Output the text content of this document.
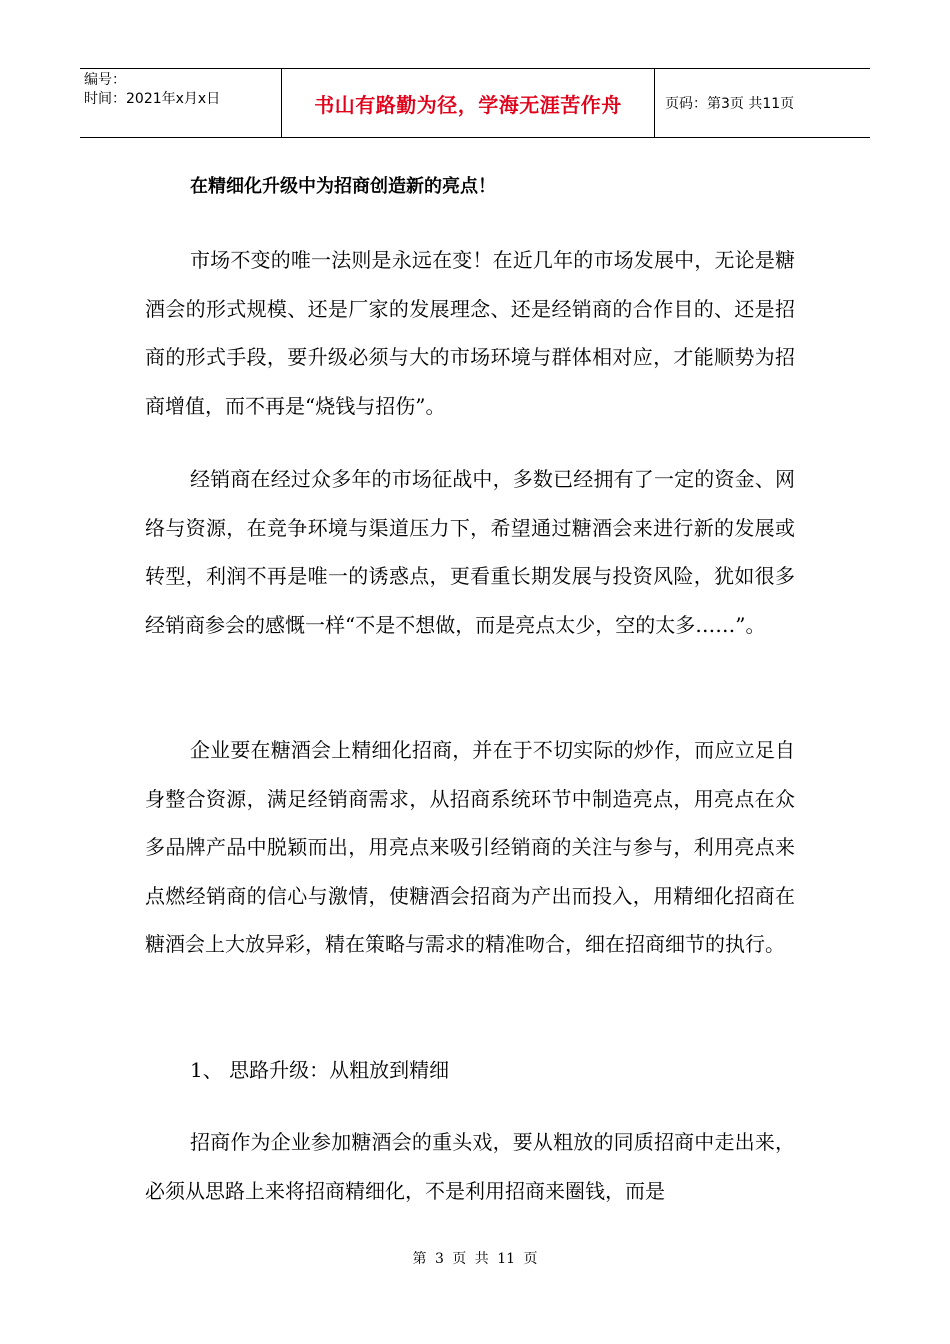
编号：
时间：2021年x月x日	书山有路勤为径，学海无涯苦作舟	页码：第3页 共11页
在精细化升级中为招商创造新的亮点！

市场不变的唯一法则是永远在变！在近几年的市场发展中，无论是糖酒会的形式规模、还是厂家的发展理念、还是经销商的合作目的、还是招商的形式手段，要升级必须与大的市场环境与群体相对应，才能顺势为招商增值，而不再是“烧钱与招伤”。

经销商在经过众多年的市场征战中，多数已经拥有了一定的资金、网络与资源，在竞争环境与渠道压力下，希望通过糖酒会来进行新的发展或转型，利润不再是唯一的诱惑点，更看重长期发展与投资风险，犹如很多经销商参会的感慨一样“不是不想做，而是亮点太少，空的太多……”。

企业要在糖酒会上精细化招商，并在于不切实际的炒作，而应立足自身整合资源，满足经销商需求，从招商系统环节中制造亮点，用亮点在众多品牌产品中脱颖而出，用亮点来吸引经销商的关注与参与，利用亮点来点燃经销商的信心与激情，使糖酒会招商为产出而投入，用精细化招商在糖酒会上大放异彩，精在策略与需求的精准吻合，细在招商细节的执行。

1、 思路升级：从粗放到精细

招商作为企业参加糖酒会的重头戏，要从粗放的同质招商中走出来，必须从思路上来将招商精细化，不是利用招商来圈钱，而是

第 3 页 共 11 页
